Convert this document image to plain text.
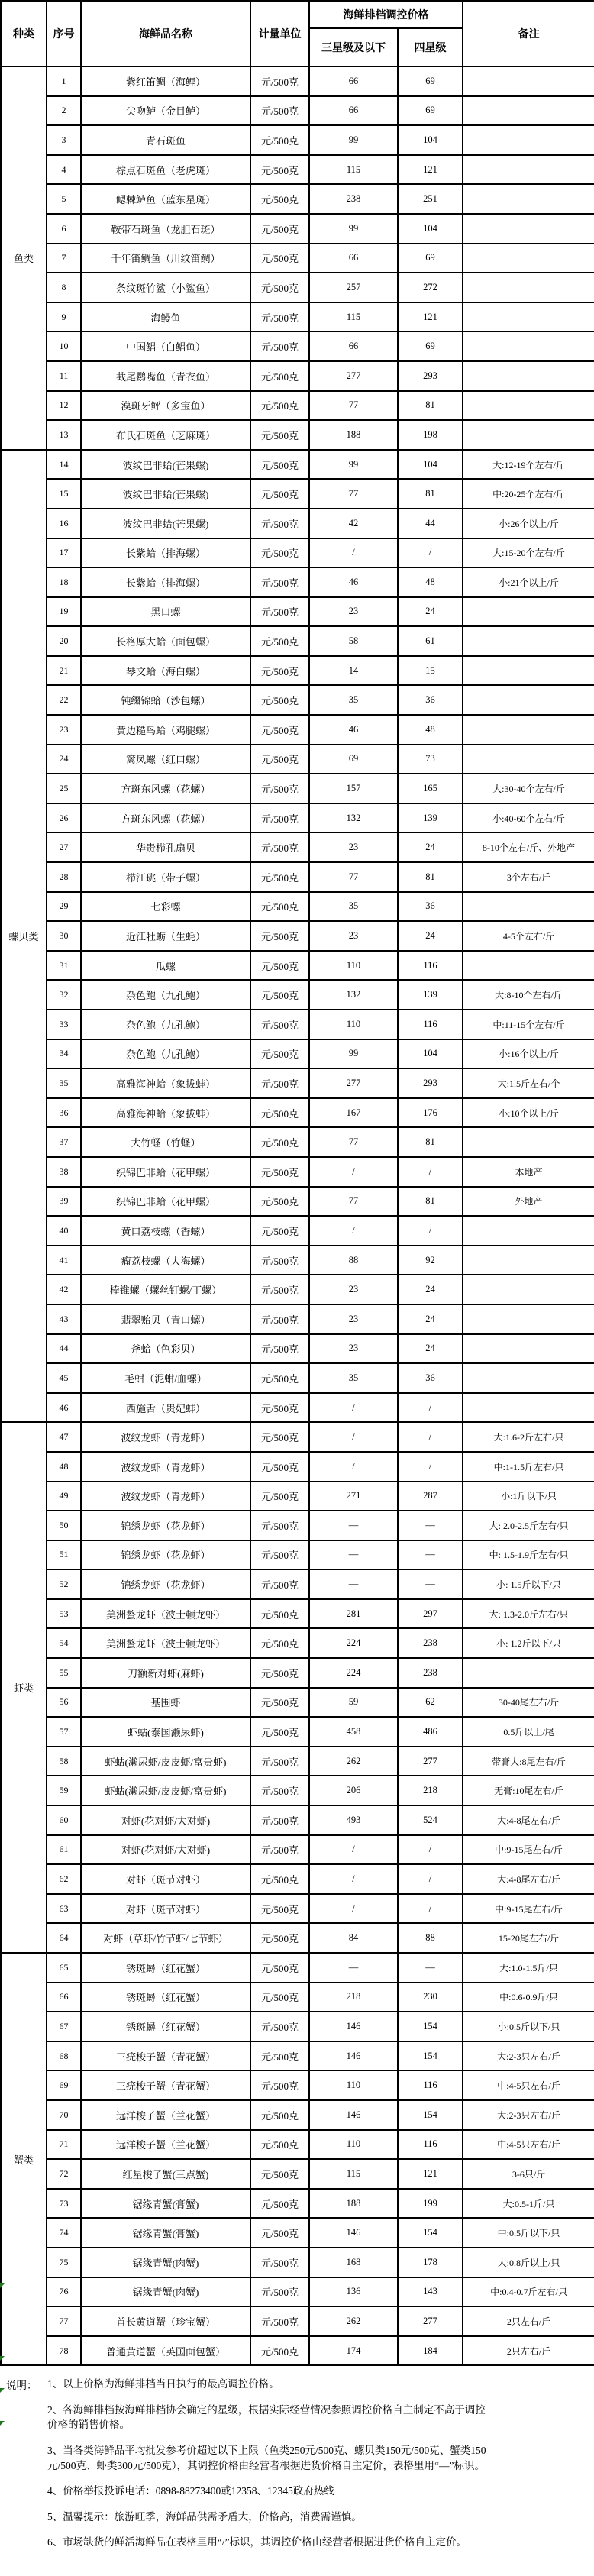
种类	序号	海鲜品名称	计量单位	海鲜排档调控价格		备注
				三星级及以下	四星级	
鱼类	1	紫红笛鲷（海鲤）	元/500克	66	69	
	2	尖吻鲈（金目鲈）	元/500克	66	69	
	3	青石斑鱼	元/500克	99	104	
	4	棕点石斑鱼（老虎斑）	元/500克	115	121	
	5	鳃棘鲈鱼（蓝东星斑）	元/500克	238	251	
	6	鞍带石斑鱼（龙胆石斑）	元/500克	99	104	
	7	千年笛鲷鱼（川纹笛鲷）	元/500克	66	69	
	8	条纹斑竹鲨（小鲨鱼）	元/500克	257	272	
	9	海鳗鱼	元/500克	115	121	
	10	中国鲳（白鲳鱼）	元/500克	66	69	
	11	截尾鹦嘴鱼（青衣鱼）	元/500克	277	293	
	12	漠斑牙鲆（多宝鱼）	元/500克	77	81	
	13	布氏石斑鱼（芝麻斑）	元/500克	188	198	
螺贝类	14	波纹巴非蛤(芒果螺)	元/500克	99	104	大:12-19个左右/斤
	15	波纹巴非蛤(芒果螺)	元/500克	77	81	中:20-25个左右/斤
	16	波纹巴非蛤(芒果螺)	元/500克	42	44	小:26个以上/斤
	17	长紫蛤（排海螺）	元/500克	/	/	大:15-20个左右/斤
	18	长紫蛤（排海螺）	元/500克	46	48	小:21个以上/斤
	19	黑口螺	元/500克	23	24	
	20	长格厚大蛤（面包螺）	元/500克	58	61	
	21	琴文蛤（海白螺）	元/500克	14	15	
	22	钝缀锦蛤（沙包螺）	元/500克	35	36	
	23	黄边糙鸟蛤（鸡腿螺）	元/500克	46	48	
	24	篱凤螺（红口螺）	元/500克	69	73	
	25	方斑东风螺（花螺）	元/500克	157	165	大:30-40个左右/斤
	26	方斑东风螺（花螺）	元/500克	132	139	小:40-60个左右/斤
	27	华贵栉孔扇贝	元/500克	23	24	8-10个左右/斤、外地产
	28	栉江珧（带子螺）	元/500克	77	81	3个左右/斤
	29	七彩螺	元/500克	35	36	
	30	近江牡蛎（生蚝）	元/500克	23	24	4-5个左右/斤
	31	瓜螺	元/500克	110	116	
	32	杂色鲍（九孔鲍）	元/500克	132	139	大:8-10个左右/斤
	33	杂色鲍（九孔鲍）	元/500克	110	116	中:11-15个左右/斤
	34	杂色鲍（九孔鲍）	元/500克	99	104	小:16个以上/斤
	35	高雅海神蛤（象拔蚌）	元/500克	277	293	大:1.5斤左右/个
	36	高雅海神蛤（象拔蚌）	元/500克	167	176	小:10个以上/斤
	37	大竹蛏（竹蛏）	元/500克	77	81	
	38	织锦巴非蛤（花甲螺）	元/500克	/	/	本地产
	39	织锦巴非蛤（花甲螺）	元/500克	77	81	外地产
	40	黄口荔枝螺（香螺）	元/500克	/	/	
	41	瘤荔枝螺（大海螺）	元/500克	88	92	
	42	棒锥螺（螺丝钉螺/丁螺）	元/500克	23	24	
	43	翡翠贻贝（青口螺）	元/500克	23	24	
	44	斧蛤（色彩贝）	元/500克	23	24	
	45	毛蚶（泥蚶/血螺）	元/500克	35	36	
	46	西施舌（贵妃蚌）	元/500克	/	/	
虾类	47	波纹龙虾（青龙虾）	元/500克	/	/	大:1.6-2斤左右/只
	48	波纹龙虾（青龙虾）	元/500克	/	/	中:1-1.5斤左右/只
	49	波纹龙虾（青龙虾）	元/500克	271	287	小:1斤以下/只
	50	锦绣龙虾（花龙虾）	元/500克	—	—	大: 2.0-2.5斤左右/只
	51	锦绣龙虾（花龙虾）	元/500克	—	—	中: 1.5-1.9斤左右/只
	52	锦绣龙虾（花龙虾）	元/500克	—	—	小: 1.5斤以下/只
	53	美洲螯龙虾（波士顿龙虾）	元/500克	281	297	大: 1.3-2.0斤左右/只
	54	美洲螯龙虾（波士顿龙虾）	元/500克	224	238	小: 1.2斤以下/只
	55	刀额新对虾(麻虾)	元/500克	224	238	
	56	基围虾	元/500克	59	62	30-40尾左右/斤
	57	虾蛄(泰国濑尿虾)	元/500克	458	486	0.5斤以上/尾
	58	虾蛄(濑尿虾/皮皮虾/富贵虾)	元/500克	262	277	带膏大:8尾左右/斤
	59	虾蛄(濑尿虾/皮皮虾/富贵虾)	元/500克	206	218	无膏:10尾左右/斤
	60	对虾(花对虾/大对虾)	元/500克	493	524	大:4-8尾左右/斤
	61	对虾(花对虾/大对虾)	元/500克	/	/	中:9-15尾左右/斤
	62	对虾（斑节对虾）	元/500克	/	/	大:4-8尾左右/斤
	63	对虾（斑节对虾）	元/500克	/	/	中:9-15尾左右/斤
	64	对虾（草虾/竹节虾/七节虾）	元/500克	84	88	15-20尾左右/斤
蟹类	65	锈斑蟳（红花蟹）	元/500克	—	—	大:1.0-1.5斤/只
	66	锈斑蟳（红花蟹）	元/500克	218	230	中:0.6-0.9斤/只
	67	锈斑蟳（红花蟹）	元/500克	146	154	小:0.5斤以下/只
	68	三疣梭子蟹（青花蟹）	元/500克	146	154	大:2-3只左右/斤
	69	三疣梭子蟹（青花蟹）	元/500克	110	116	中:4-5只左右/斤
	70	远洋梭子蟹（兰花蟹）	元/500克	146	154	大:2-3只左右/斤
	71	远洋梭子蟹（兰花蟹）	元/500克	110	116	中:4-5只左右/斤
	72	红星梭子蟹(三点蟹)	元/500克	115	121	3-6只/斤
	73	锯缘青蟹(膏蟹)	元/500克	188	199	大:0.5-1斤/只
	74	锯缘青蟹(膏蟹)	元/500克	146	154	中:0.5斤以下/只
	75	锯缘青蟹(肉蟹)	元/500克	168	178	大:0.8斤以上/只
	76	锯缘青蟹(肉蟹)	元/500克	136	143	中:0.4-0.7斤左右/只
	77	首长黄道蟹（珍宝蟹）	元/500克	262	277	2只左右/斤
	78	普通黄道蟹（英国面包蟹）	元/500克	174	184	2只左右/斤
说明： 1、以上价格为海鲜排档当日执行的最高调控价格。

2、各海鲜排档按海鲜排档协会确定的星级，根据实际经营情况参照调控价格自主制定不高于调控价格的销售价格。

3、当各类海鲜品平均批发参考价超过以下上限（鱼类250元/500克、螺贝类150元/500克、蟹类150元/500克、虾类300元/500克），其调控价格由经营者根据进货价格自主定价，表格里用“—”标识。

4、价格举报投诉电话：0898-88273400或12358、12345政府热线

5、温馨提示：旅游旺季，海鲜品供需矛盾大，价格高，消费需谨慎。

6、市场缺货的鲜活海鲜品在表格里用“/”标识，其调控价格由经营者根据进货价格自主定价。
